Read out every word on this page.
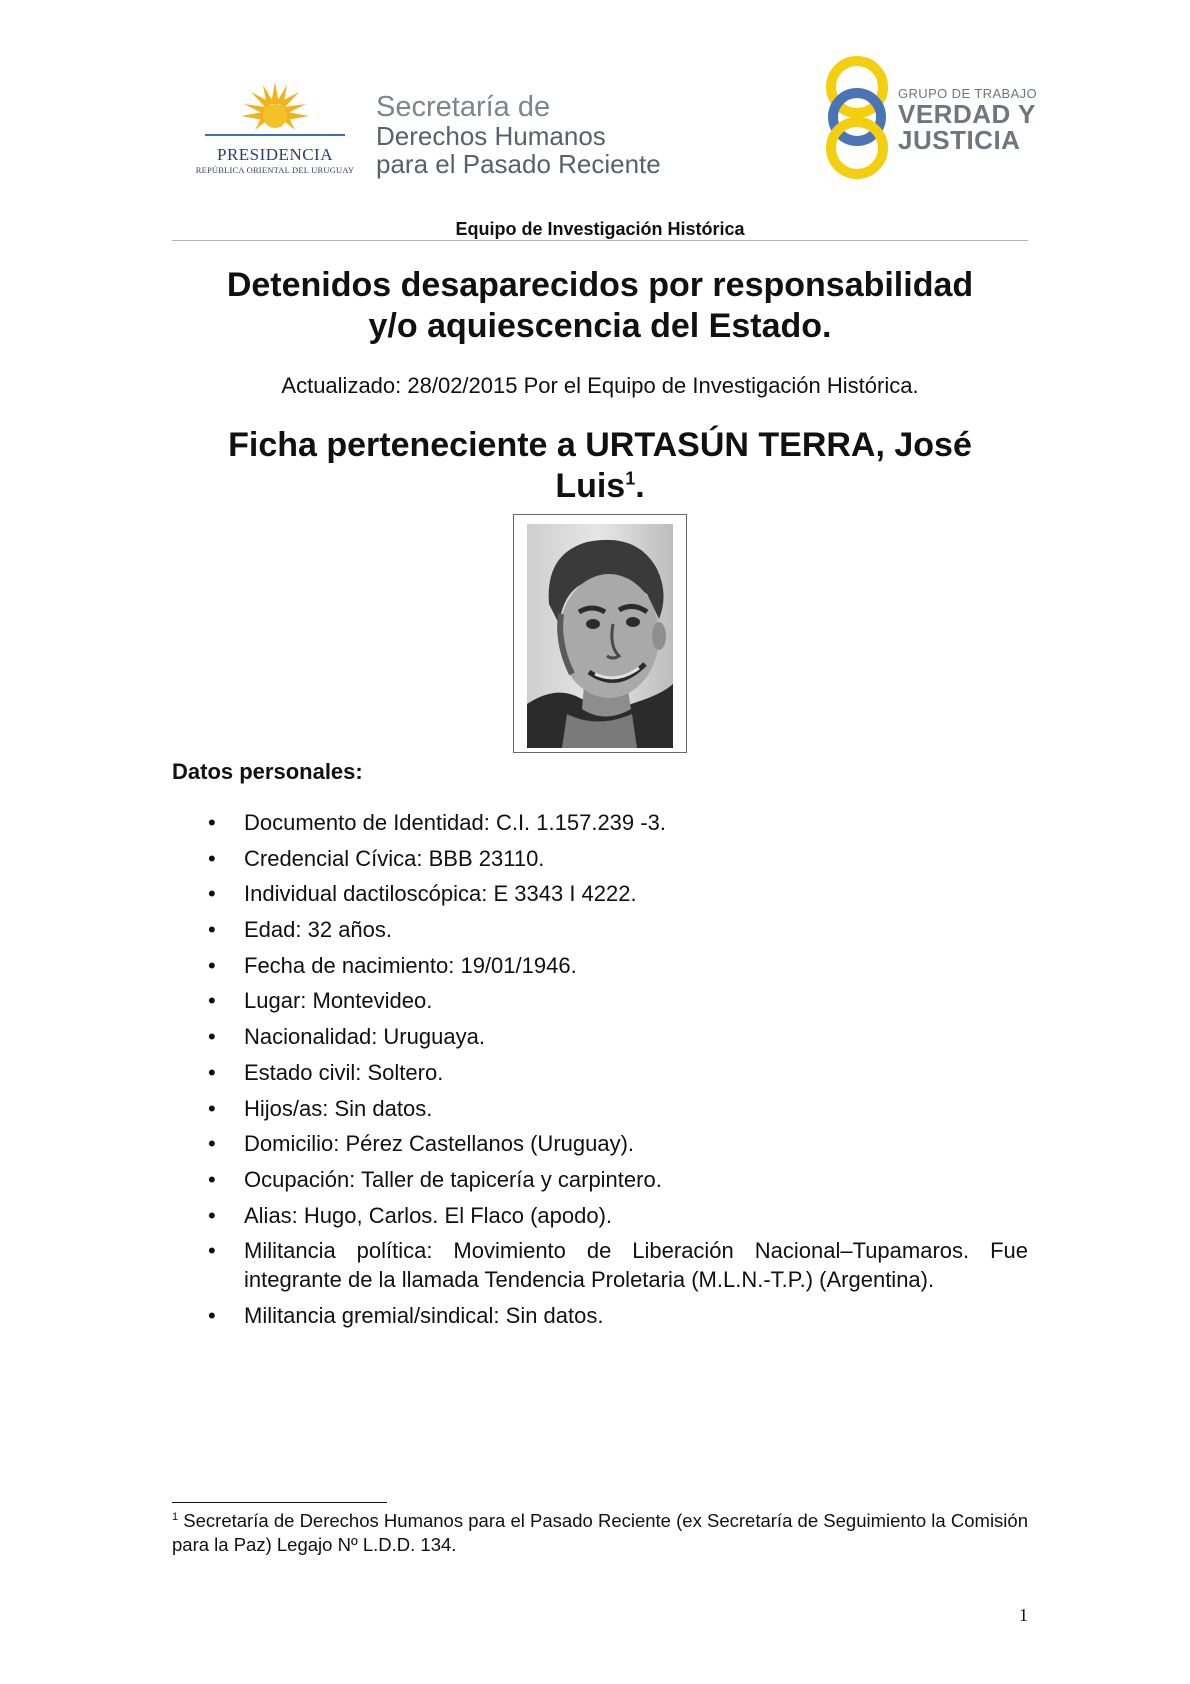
PRESIDENCIA
REPÚBLICA ORIENTAL DEL URUGUAY
Secretaría de
Derechos Humanos
para el Pasado Reciente
GRUPO DE TRABAJO
VERDAD Y
JUSTICIA
Equipo de Investigación Histórica
Detenidos desaparecidos por responsabilidad
y/o aquiescencia del Estado.
Actualizado: 28/02/2015 Por el Equipo de Investigación Histórica.
Ficha perteneciente a URTASÚN TERRA, José
Luis$^1$.
Datos personales:
• Documento de Identidad: C.I. 1.157.239 -3.
• Credencial Cívica: BBB 23110.
• Individual dactiloscópica: E 3343 I 4222.
• Edad: 32 años.
• Fecha de nacimiento: 19/01/1946.
• Lugar: Montevideo.
• Nacionalidad: Uruguaya.
• Estado civil: Soltero.
• Hijos/as: Sin datos.
• Domicilio: Pérez Castellanos (Uruguay).
• Ocupación: Taller de tapicería y carpintero.
• Alias: Hugo, Carlos. El Flaco (apodo).
• Militancia política: Movimiento de Liberación Nacional–Tupamaros. Fue integrante de la llamada Tendencia Proletaria (M.L.N.-T.P.) (Argentina).
• Militancia gremial/sindical: Sin datos.
$^1$ Secretaría de Derechos Humanos para el Pasado Reciente (ex Secretaría de Seguimiento la Comisión para la Paz) Legajo Nº L.D.D. 134.
1
